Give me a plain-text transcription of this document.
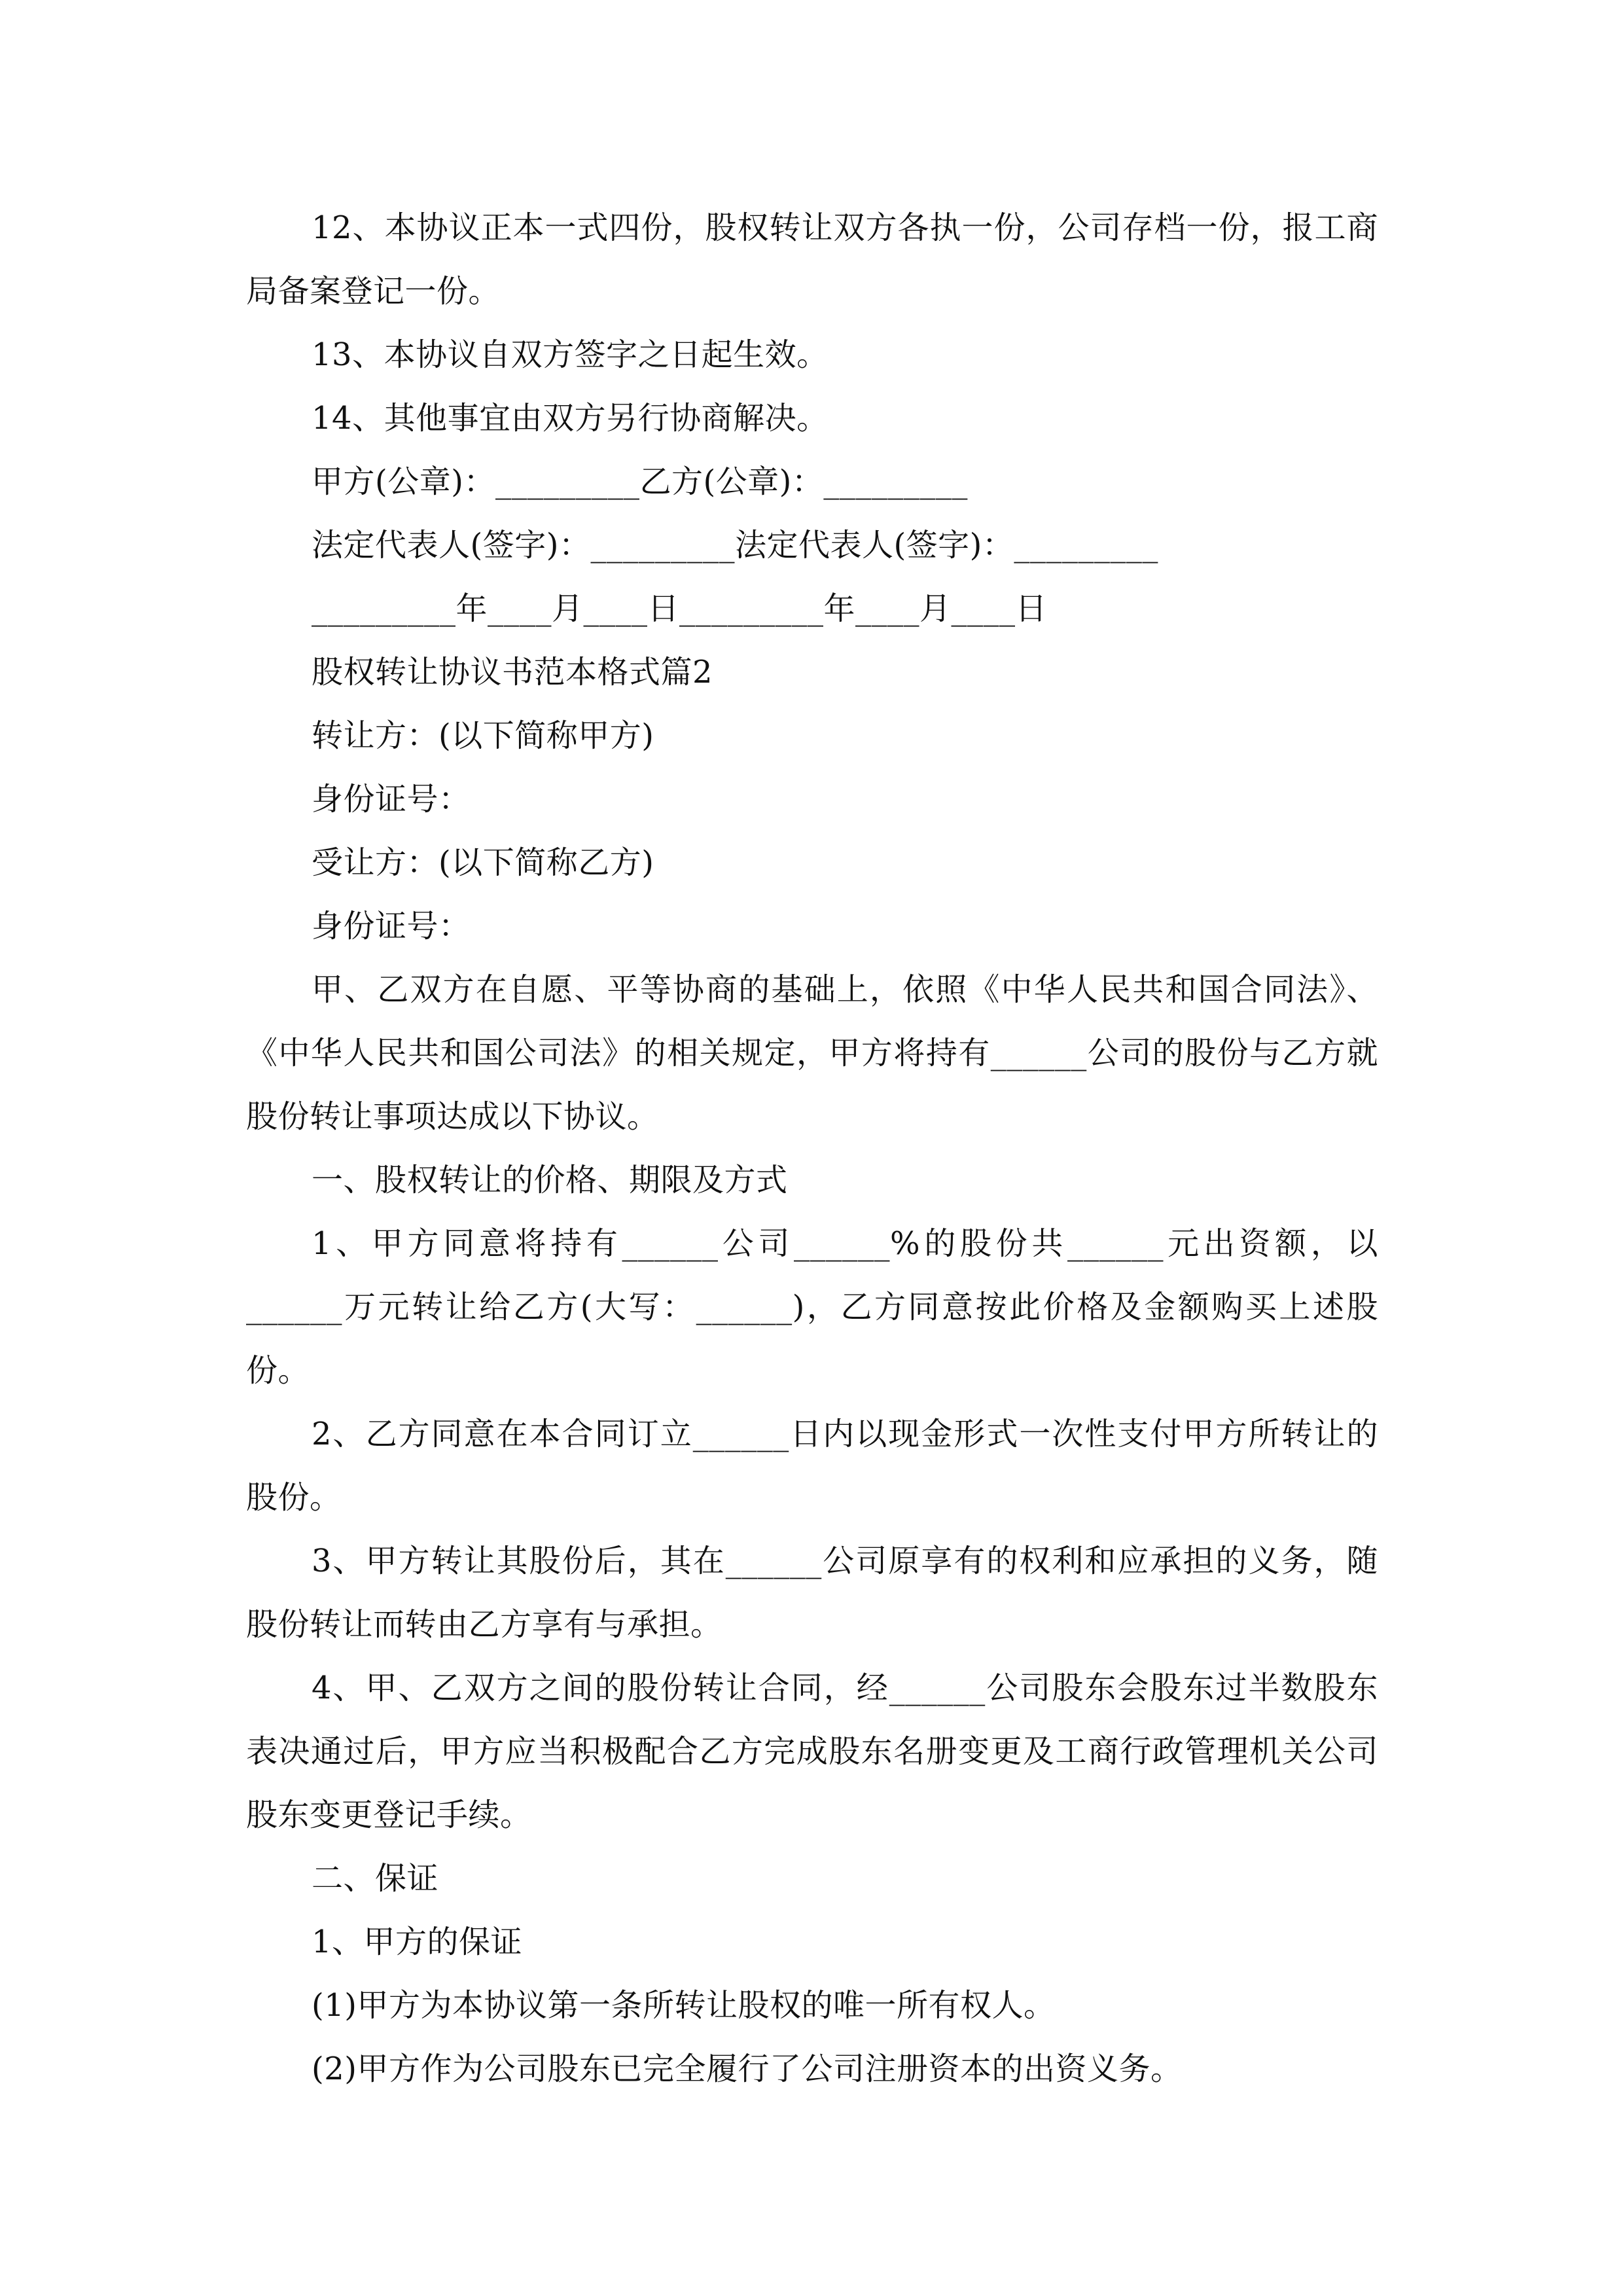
12、本协议正本一式四份，股权转让双方各执一份，公司存档一份，报工商局备案登记一份。

13、本协议自双方签字之日起生效。

14、其他事宜由双方另行协商解决。

甲方(公章)：_________乙方(公章)：_________

法定代表人(签字)：_________法定代表人(签字)：_________

_________年____月____日_________年____月____日

股权转让协议书范本格式篇2

转让方：(以下简称甲方)

身份证号：

受让方：(以下简称乙方)

身份证号：

甲、乙双方在自愿、平等协商的基础上，依照《中华人民共和国合同法》、《中华人民共和国公司法》的相关规定，甲方将持有______公司的股份与乙方就股份转让事项达成以下协议。

一、股权转让的价格、期限及方式

1、甲方同意将持有______公司______%的股份共______元出资额，以______万元转让给乙方(大写：______)，乙方同意按此价格及金额购买上述股份。

2、乙方同意在本合同订立______日内以现金形式一次性支付甲方所转让的股份。

3、甲方转让其股份后，其在______公司原享有的权利和应承担的义务，随股份转让而转由乙方享有与承担。

4、甲、乙双方之间的股份转让合同，经______公司股东会股东过半数股东表决通过后，甲方应当积极配合乙方完成股东名册变更及工商行政管理机关公司股东变更登记手续。

二、保证

1、甲方的保证

(1)甲方为本协议第一条所转让股权的唯一所有权人。

(2)甲方作为公司股东已完全履行了公司注册资本的出资义务。
